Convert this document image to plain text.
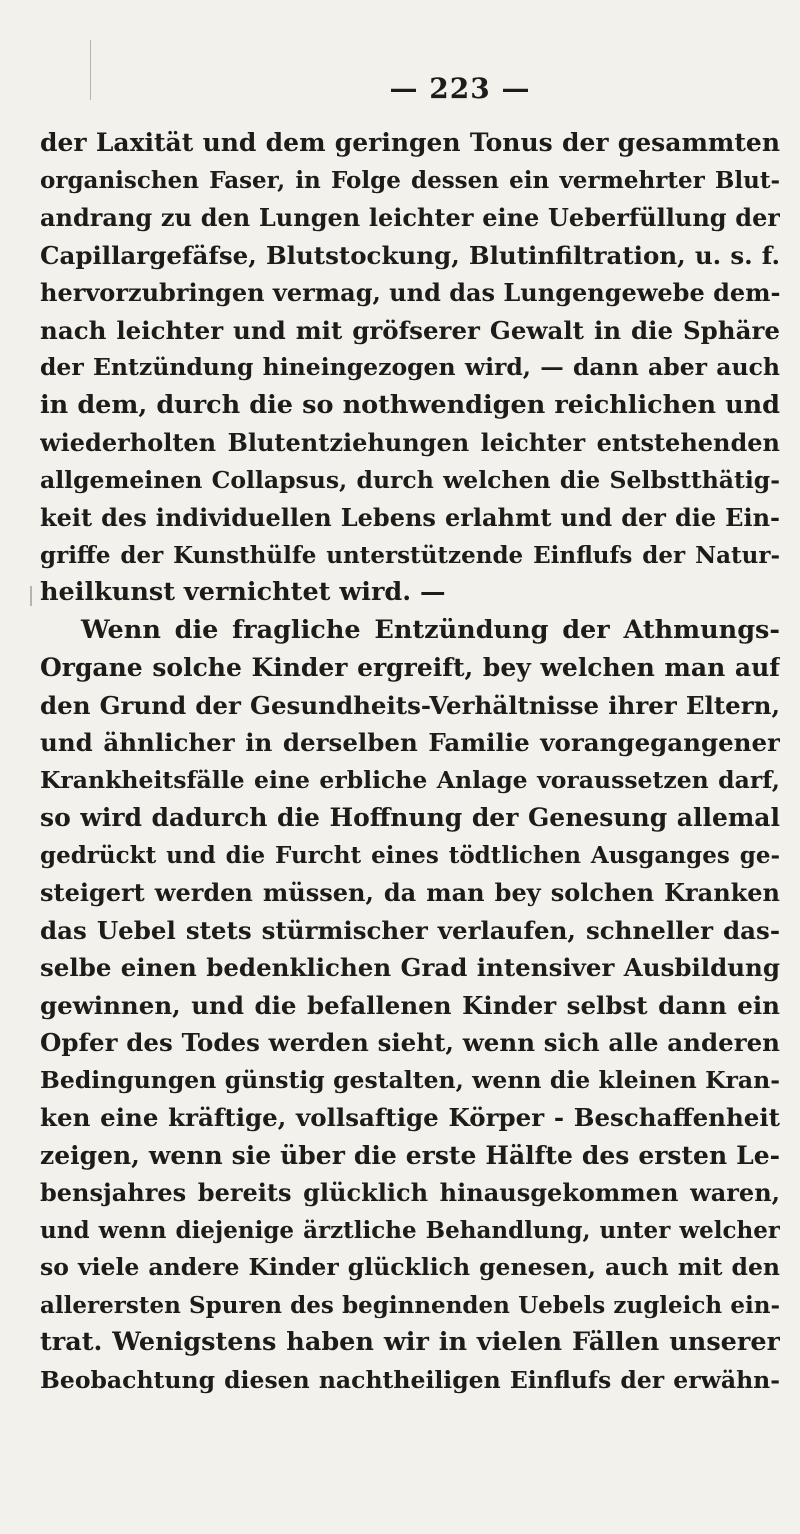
— 223 —
der Laxität und dem geringen Tonus der gesammten
organischen Faser, in Folge dessen ein vermehrter Blut-
andrang zu den Lungen leichter eine Ueberfüllung der
Capillargefäfse, Blutstockung, Blutinfiltration, u. s. f.
hervorzubringen vermag, und das Lungengewebe dem-
nach leichter und mit gröfserer Gewalt in die Sphäre
der Entzündung hineingezogen wird, — dann aber auch
in dem, durch die so nothwendigen reichlichen und
wiederholten Blutentziehungen leichter entstehenden
allgemeinen Collapsus, durch welchen die Selbstthätig-
keit des individuellen Lebens erlahmt und der die Ein-
griffe der Kunsthülfe unterstützende Einflufs der Natur-
heilkunst vernichtet wird. —
Wenn die fragliche Entzündung der Athmungs-
Organe solche Kinder ergreift, bey welchen man auf
den Grund der Gesundheits-Verhältnisse ihrer Eltern,
und ähnlicher in derselben Familie vorangegangener
Krankheitsfälle eine erbliche Anlage voraussetzen darf,
so wird dadurch die Hoffnung der Genesung allemal
gedrückt und die Furcht eines tödtlichen Ausganges ge-
steigert werden müssen, da man bey solchen Kranken
das Uebel stets stürmischer verlaufen, schneller das-
selbe einen bedenklichen Grad intensiver Ausbildung
gewinnen, und die befallenen Kinder selbst dann ein
Opfer des Todes werden sieht, wenn sich alle anderen
Bedingungen günstig gestalten, wenn die kleinen Kran-
ken eine kräftige, vollsaftige Körper - Beschaffenheit
zeigen, wenn sie über die erste Hälfte des ersten Le-
bensjahres bereits glücklich hinausgekommen waren,
und wenn diejenige ärztliche Behandlung, unter welcher
so viele andere Kinder glücklich genesen, auch mit den
allerersten Spuren des beginnenden Uebels zugleich ein-
trat. Wenigstens haben wir in vielen Fällen unserer
Beobachtung diesen nachtheiligen Einflufs der erwähn-
